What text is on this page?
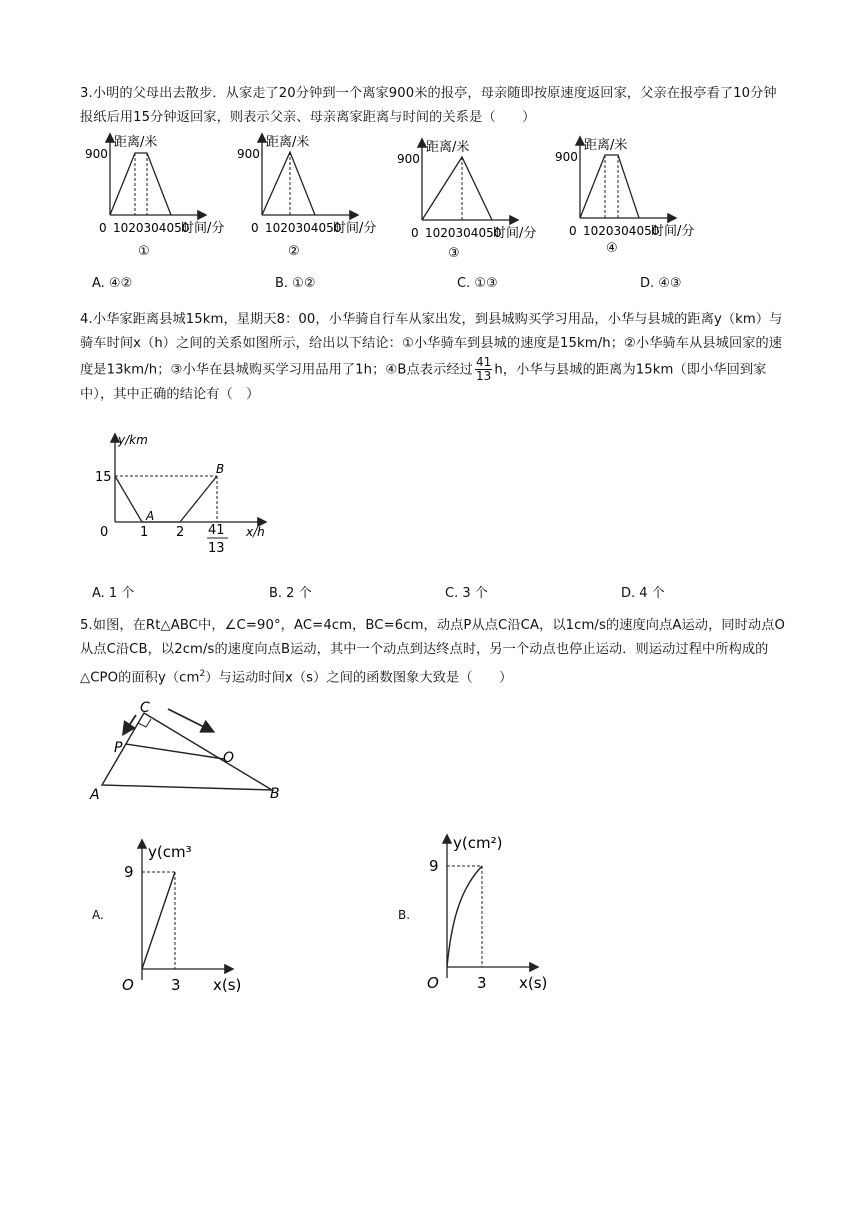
3.小明的父母出去散步．从家走了20分钟到一个离家900米的报亭，母亲随即按原速度返回家，父亲在报亭看了10分钟报纸后用15分钟返回家，则表示父亲、母亲离家距离与时间的关系是（　　）
距离/米
900
0 1020304050
时间/分
①
距离/米
900
0 1020304050
时间/分
②
距离/米
900
0 1020304050
时间/分
③
距离/米
900
0 1020304050
时间/分
④
A. ④②	B. ①②	C. ①③	D. ④③
4.小华家距离县城15km，星期天8：00，小华骑自行车从家出发，到县城购买学习用品，小华与县城的距离y（km）与骑车时间x（h）之间的关系如图所示，给出以下结论：①小华骑车到县城的速度是15km/h；②小华骑车从县城回家的速度是13km/h；③小华在县城购买学习用品用了1h；④B点表示经过 $\frac{41}{13}$ h，小华与县城的距离为15km（即小华回到家中），其中正确的结论有（　）
y/km
15
0 1 2 41
13
x/h
A
B
A. 1 个	B. 2 个	C. 3 个	D. 4 个
5.如图，在Rt△ABC中，∠C=90°，AC=4cm，BC=6cm，动点P从点C沿CA，以1cm/s的速度向点A运动，同时动点O从点C沿CB，以2cm/s的速度向点B运动，其中一个动点到达终点时，另一个动点也停止运动．则运动过程中所构成的△CPO的面积$y(cm^2)$与运动时间x（s）之间的函数图象大致是（　　）
C
P
O
A	B
A.
y(cm³
9
O 3 x(s)
B.
y(cm²)
9
O	3 x(s)
